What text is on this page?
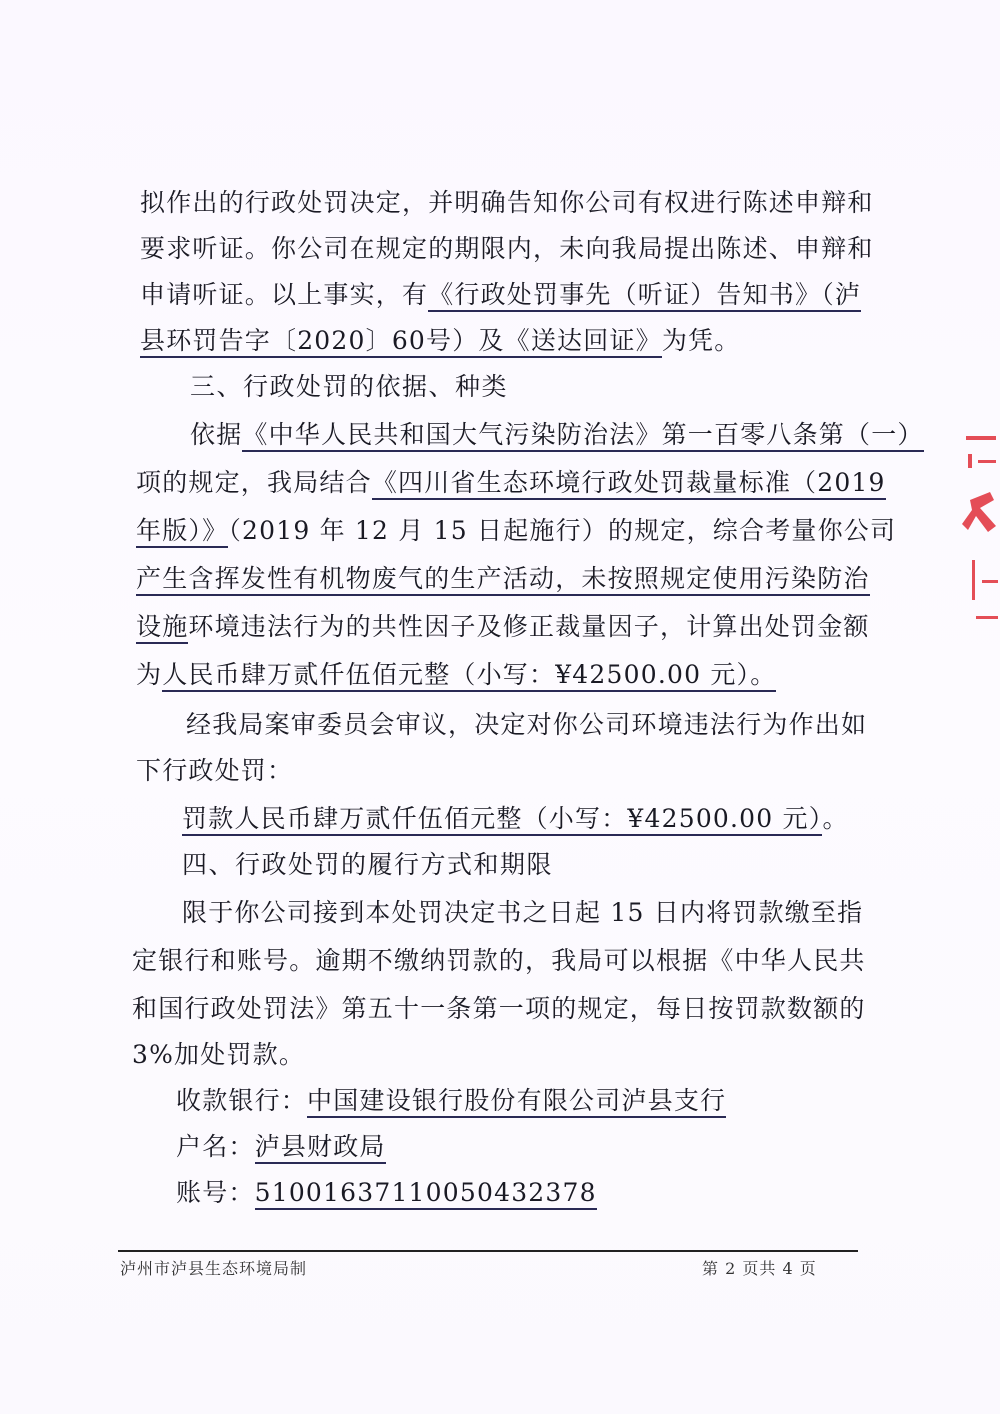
拟作出的行政处罚决定，并明确告知你公司有权进行陈述申辩和
要求听证。你公司在规定的期限内，未向我局提出陈述、申辩和
申请听证。以上事实，有《行政处罚事先（听证）告知书》（泸
县环罚告字〔2020〕60号）及《送达回证》为凭。
三、行政处罚的依据、种类
依据《中华人民共和国大气污染防治法》第一百零八条第（一）
项的规定，我局结合《四川省生态环境行政处罚裁量标准（2019
年版）》（2019 年 12 月 15 日起施行）的规定，综合考量你公司
产生含挥发性有机物废气的生产活动，未按照规定使用污染防治
设施环境违法行为的共性因子及修正裁量因子，计算出处罚金额
为人民币肆万贰仟伍佰元整（小写：¥42500.00 元）。
经我局案审委员会审议，决定对你公司环境违法行为作出如
下行政处罚：
罚款人民币肆万贰仟伍佰元整（小写：¥42500.00 元）。
四、行政处罚的履行方式和期限
限于你公司接到本处罚决定书之日起 15 日内将罚款缴至指
定银行和账号。逾期不缴纳罚款的，我局可以根据《中华人民共
和国行政处罚法》第五十一条第一项的规定，每日按罚款数额的
3%加处罚款。
收款银行：中国建设银行股份有限公司泸县支行
户名：泸县财政局
账号：51001637110050432378
泸州市泸县生态环境局制	第 2 页共 4 页
